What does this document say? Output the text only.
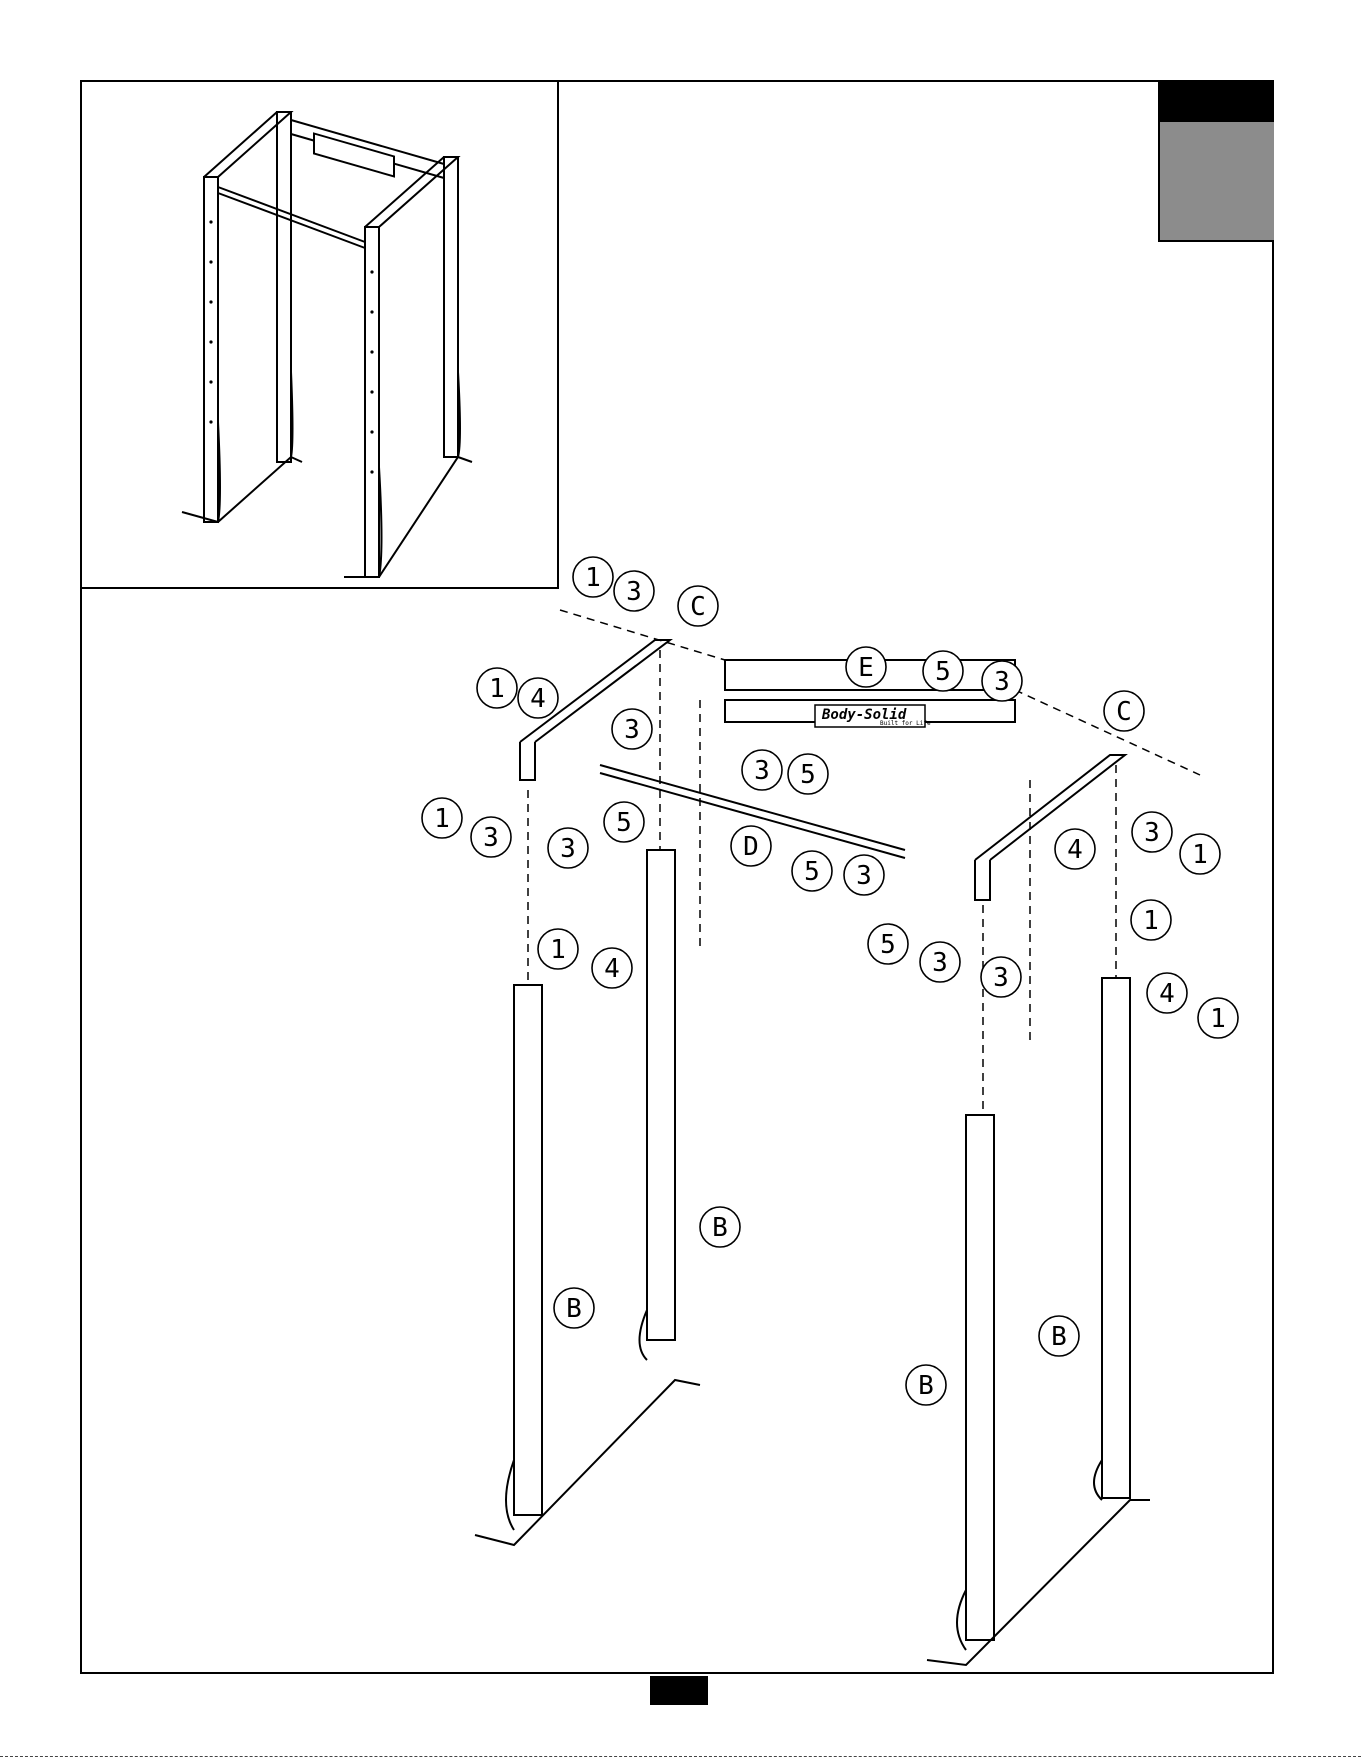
Body-Solid
Built for Life
1 3 C
E 5 3
C
1 4
3
3 5
1
3 3
5
D
5 3
4
3
1
1
1
4
5
3 3
4
1
B
B
B
B
